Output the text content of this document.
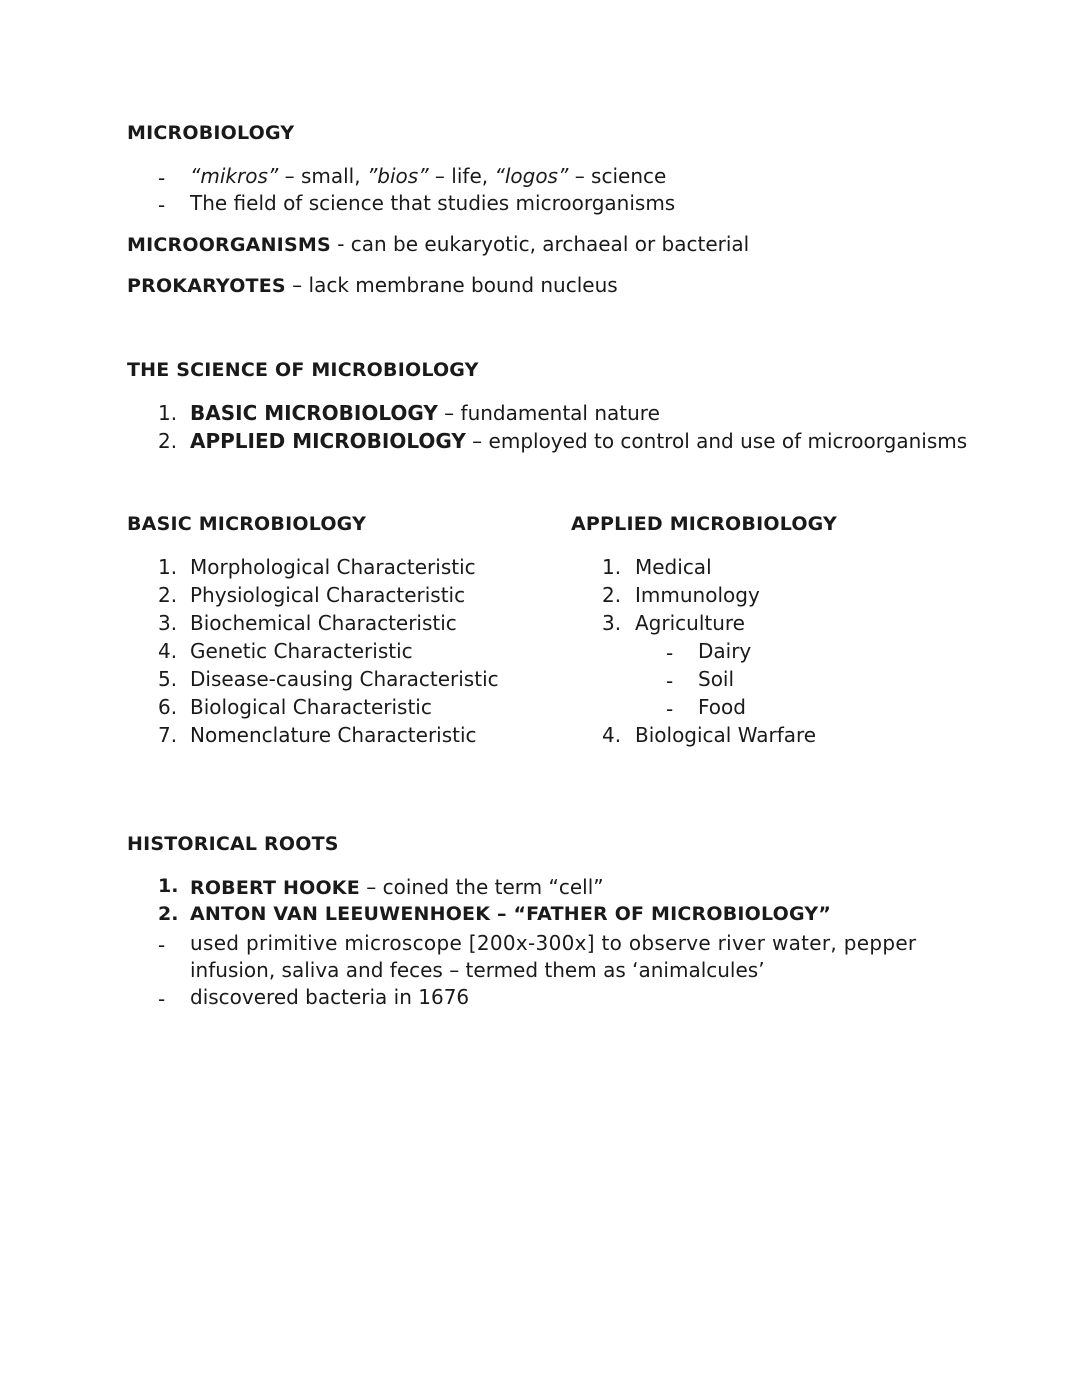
MICROBIOLOGY
- “mikros” – small, ”bios” – life, “logos” – science
- The field of science that studies microorganisms
MICROORGANISMS - can be eukaryotic, archaeal or bacterial
PROKARYOTES – lack membrane bound nucleus
THE SCIENCE OF MICROBIOLOGY
1. BASIC MICROBIOLOGY – fundamental nature
2. APPLIED MICROBIOLOGY – employed to control and use of microorganisms
BASIC MICROBIOLOGY
1. Morphological Characteristic
2. Physiological Characteristic
3. Biochemical Characteristic
4. Genetic Characteristic
5. Disease-causing Characteristic
6. Biological Characteristic
7. Nomenclature Characteristic
APPLIED MICROBIOLOGY
1. Medical
2. Immunology
3. Agriculture
- Dairy
- Soil
- Food
4. Biological Warfare
HISTORICAL ROOTS
1. ROBERT HOOKE – coined the term “cell”
2. ANTON VAN LEEUWENHOEK – “FATHER OF MICROBIOLOGY”
- used primitive microscope [200x-300x] to observe river water, pepper
infusion, saliva and feces – termed them as ‘animalcules’
- discovered bacteria in 1676
